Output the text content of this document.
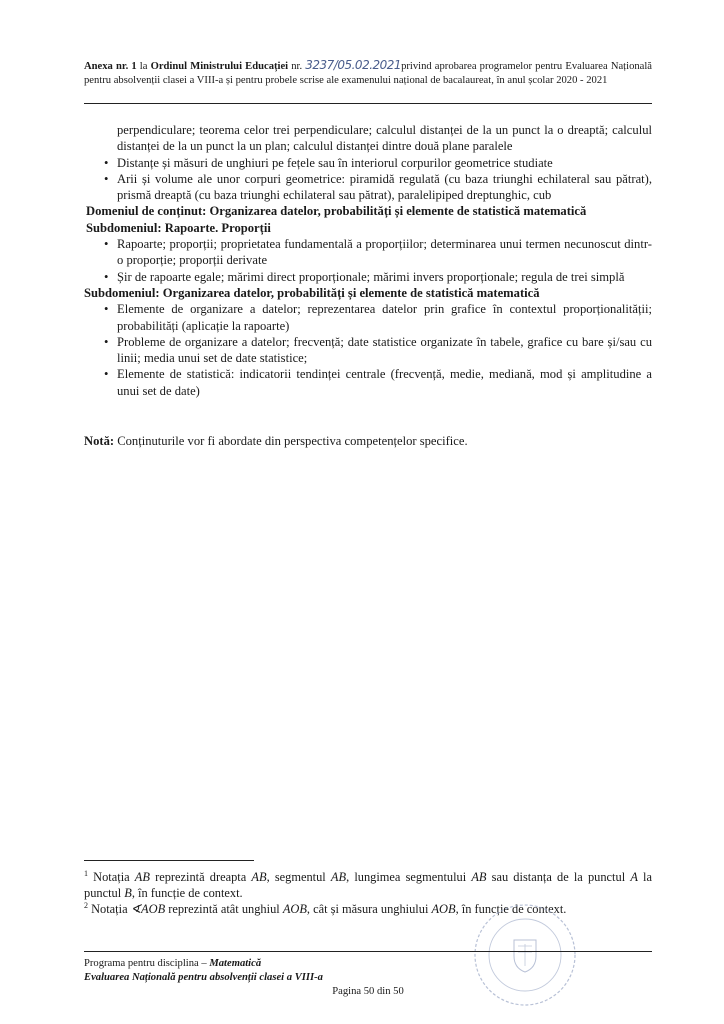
Anexa nr. 1 la Ordinul Ministrului Educației nr. 3237/05.02.2021privind aprobarea programelor pentru Evaluarea Națională pentru absolvenții clasei a VIII-a și pentru probele scrise ale examenului național de bacalaureat, în anul școlar 2020 - 2021
perpendiculare; teorema celor trei perpendiculare; calculul distanței de la un punct la o dreaptă; calculul distanței de la un punct la un plan; calculul distanței dintre două plane paralele
• Distanțe și măsuri de unghiuri pe fețele sau în interiorul corpurilor geometrice studiate
• Arii și volume ale unor corpuri geometrice: piramidă regulată (cu baza triunghi echilateral sau pătrat), prismă dreaptă (cu baza triunghi echilateral sau pătrat), paralelipiped dreptunghic, cub
Domeniul de conținut: Organizarea datelor, probabilități și elemente de statistică matematică
Subdomeniul: Rapoarte. Proporții
• Rapoarte; proporții; proprietatea fundamentală a proporțiilor; determinarea unui termen necunoscut dintr-o proporție; proporții derivate
• Șir de rapoarte egale; mărimi direct proporționale; mărimi invers proporționale; regula de trei simplă
Subdomeniul: Organizarea datelor, probabilități și elemente de statistică matematică
• Elemente de organizare a datelor; reprezentarea datelor prin grafice în contextul proporționalității; probabilități (aplicație la rapoarte)
• Probleme de organizare a datelor; frecvență; date statistice organizate în tabele, grafice cu bare și/sau cu linii; media unui set de date statistice;
• Elemente de statistică: indicatorii tendinței centrale (frecvență, medie, mediană, mod și amplitudine a unui set de date)
Notă: Conținuturile vor fi abordate din perspectiva competențelor specifice.
$^1$ Notația AB reprezintă dreapta AB, segmentul AB, lungimea segmentului AB sau distanța de la punctul A la punctul B, în funcție de context.
$^2$ Notația ∢AOB reprezintă atât unghiul AOB, cât și măsura unghiului AOB, în funcție de context.
Programa pentru disciplina – Matematică
Evaluarea Națională pentru absolvenții clasei a VIII-a
Pagina 50 din 50
